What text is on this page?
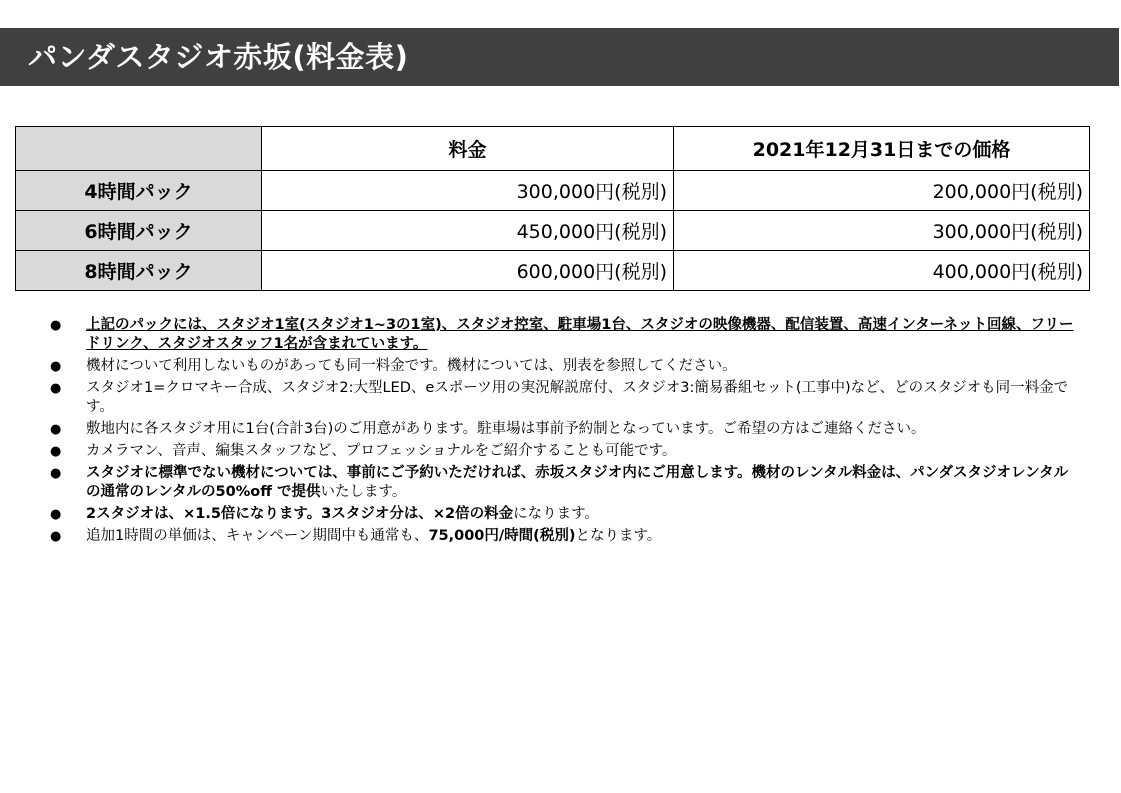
パンダスタジオ赤坂(料金表)
	料金	2021年12月31日までの価格
4時間パック	300,000円(税別)	200,000円(税別)
6時間パック	450,000円(税別)	300,000円(税別)
8時間パック	600,000円(税別)	400,000円(税別)
● 上記のパックには、スタジオ1室(スタジオ1~3の1室)、スタジオ控室、駐車場1台、スタジオの映像機器、配信装置、高速インターネット回線、フリードリンク、スタジオスタッフ1名が含まれています。
● 機材について利用しないものがあっても同一料金です。機材については、別表を参照してください。
● スタジオ1=クロマキー合成、スタジオ2:大型LED、eスポーツ用の実況解説席付、スタジオ3:簡易番組セット(工事中)など、どのスタジオも同一料金です。
● 敷地内に各スタジオ用に1台(合計3台)のご用意があります。駐車場は事前予約制となっています。ご希望の方はご連絡ください。
● カメラマン、音声、編集スタッフなど、プロフェッショナルをご紹介することも可能です。
● スタジオに標準でない機材については、事前にご予約いただければ、赤坂スタジオ内にご用意します。機材のレンタル料金は、パンダスタジオレンタルの通常のレンタルの50%off で提供いたします。
● 2スタジオは、×1.5倍になります。3スタジオ分は、×2倍の料金になります。
● 追加1時間の単価は、キャンペーン期間中も通常も、75,000円/時間(税別)となります。
